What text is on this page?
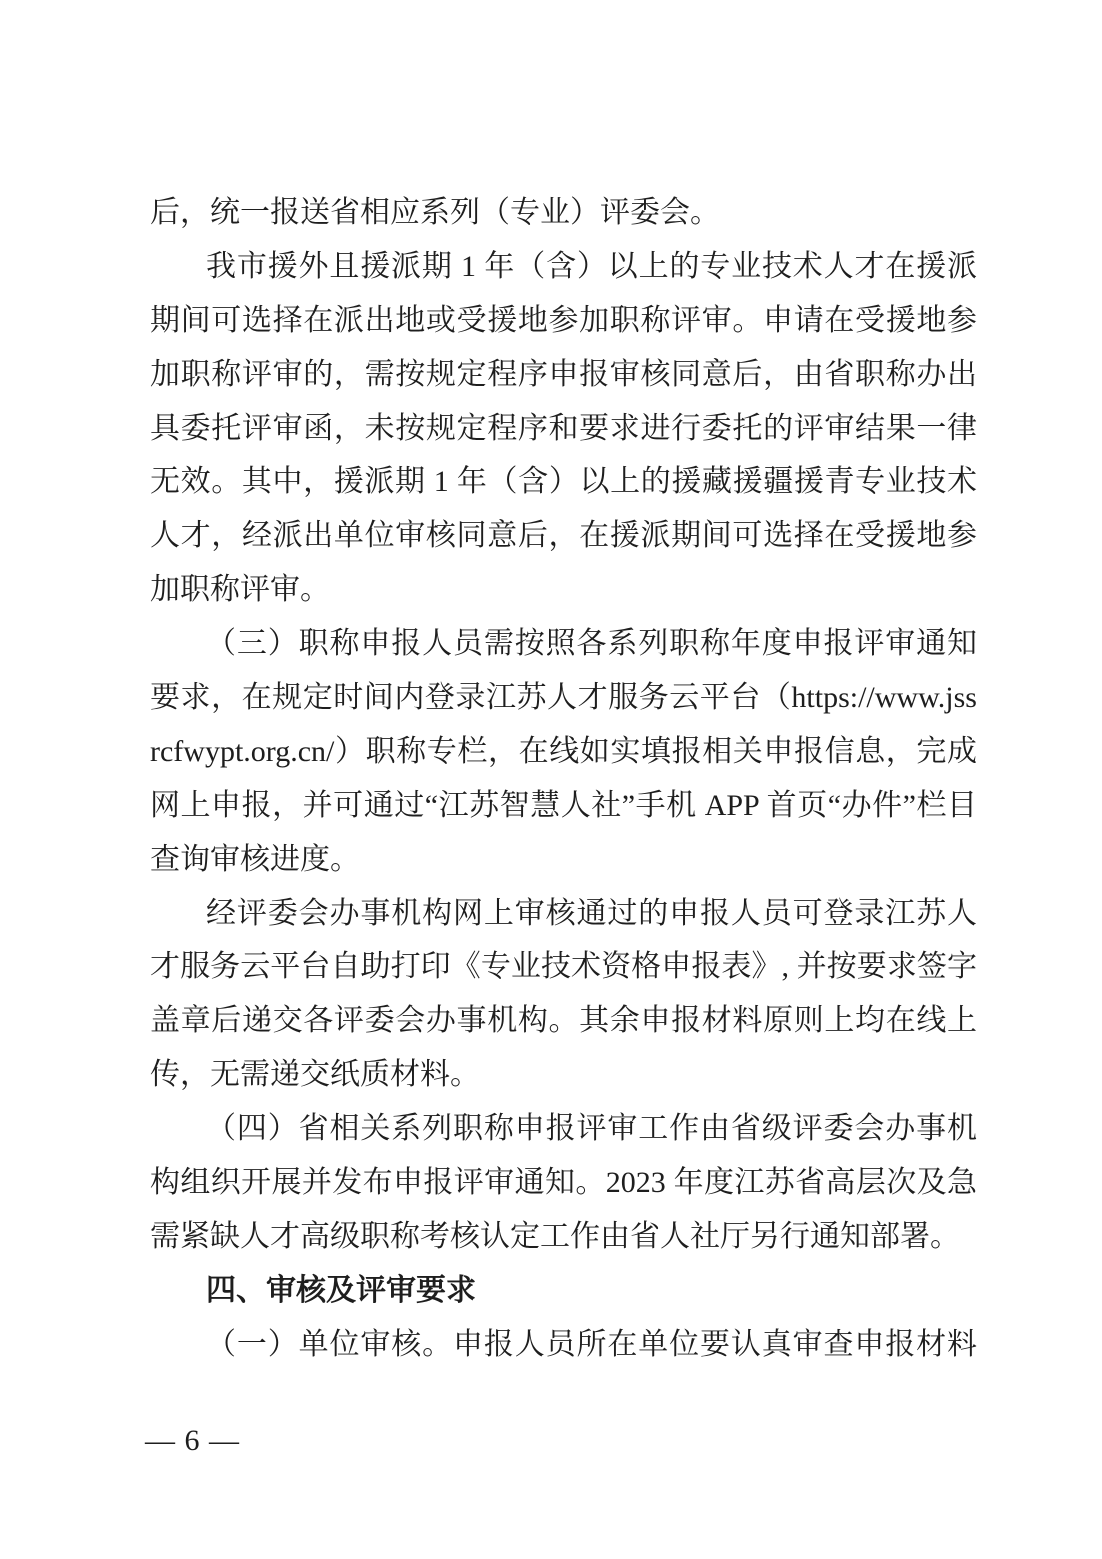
后，统一报送省相应系列（专业）评委会。
我市援外且援派期 1 年（含）以上的专业技术人才在援派
期间可选择在派出地或受援地参加职称评审。申请在受援地参
加职称评审的，需按规定程序申报审核同意后，由省职称办出
具委托评审函，未按规定程序和要求进行委托的评审结果一律
无效。其中，援派期 1 年（含）以上的援藏援疆援青专业技术
人才，经派出单位审核同意后，在援派期间可选择在受援地参
加职称评审。
（三）职称申报人员需按照各系列职称年度申报评审通知
要求，在规定时间内登录江苏人才服务云平台（https://www.jss
rcfwypt.org.cn/）职称专栏，在线如实填报相关申报信息，完成
网上申报，并可通过“江苏智慧人社”手机 APP 首页“办件”栏目
查询审核进度。
经评委会办事机构网上审核通过的申报人员可登录江苏人
才服务云平台自助打印《专业技术资格申报表》, 并按要求签字
盖章后递交各评委会办事机构。其余申报材料原则上均在线上
传，无需递交纸质材料。
（四）省相关系列职称申报评审工作由省级评委会办事机
构组织开展并发布申报评审通知。2023 年度江苏省高层次及急
需紧缺人才高级职称考核认定工作由省人社厅另行通知部署。
四、审核及评审要求
（一）单位审核。申报人员所在单位要认真审查申报材料
— 6 —
